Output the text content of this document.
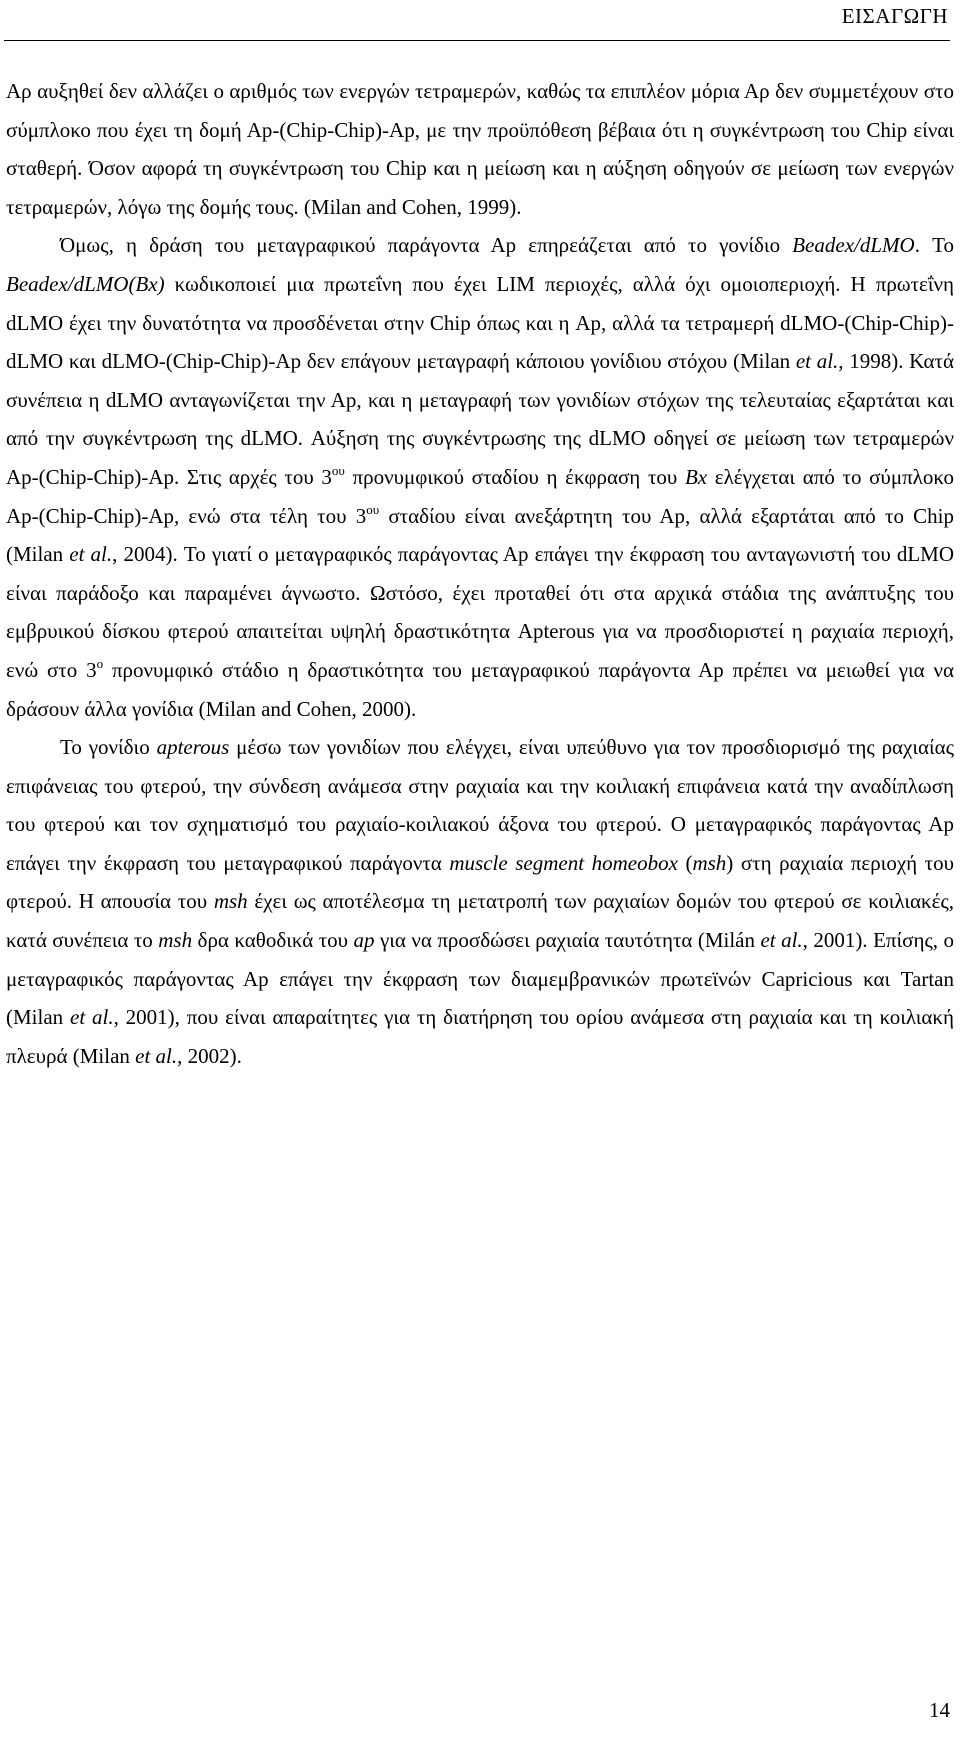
ΕΙΣΑΓΩΓΗ

Αρ αυξηθεί δεν αλλάζει ο αριθμός των ενεργών τετραμερών, καθώς τα επιπλέον μόρια Αρ δεν συμμετέχουν στο σύμπλοκο που έχει τη δομή Αp-(Chip-Chip)-Αp, με την προϋπόθεση βέβαια ότι η συγκέντρωση του Chip είναι σταθερή. Όσον αφορά τη συγκέντρωση του Chip και η μείωση και η αύξηση οδηγούν σε μείωση των ενεργών τετραμερών, λόγω της δομής τους. (Milan and Cohen, 1999).

Όμως, η δράση του μεταγραφικού παράγοντα Αp επηρεάζεται από το γονίδιο Beadex/dLMO. Το Beadex/dLMO(Bx) κωδικοποιεί μια πρωτεΐνη που έχει LIM περιοχές, αλλά όχι ομοιοπεριοχή. Η πρωτεΐνη dLMO έχει την δυνατότητα να προσδένεται στην Chip όπως και η Ap, αλλά τα τετραμερή dLMO-(Chip-Chip)-dLMO και dLMO-(Chip-Chip)-Αp δεν επάγουν μεταγραφή κάποιου γονίδιου στόχου (Milan et al., 1998). Κατά συνέπεια η dLMO ανταγωνίζεται την Αp, και η μεταγραφή των γονιδίων στόχων της τελευταίας εξαρτάται και από την συγκέντρωση της dLMO. Αύξηση της συγκέντρωσης της dLMO οδηγεί σε μείωση των τετραμερών Αp-(Chip-Chip)-Ap. Στις αρχές του $3^{o\upsilon}$ προνυμφικού σταδίου η έκφραση του Bx ελέγχεται από το σύμπλοκο Αp-(Chip-Chip)-Ap, ενώ στα τέλη του $3^{o\upsilon}$ σταδίου είναι ανεξάρτητη του Αp, αλλά εξαρτάται από το Chip (Milan et al., 2004). Το γιατί ο μεταγραφικός παράγοντας Αp επάγει την έκφραση του ανταγωνιστή του dLMO είναι παράδοξο και παραμένει άγνωστο. Ωστόσο, έχει προταθεί ότι στα αρχικά στάδια της ανάπτυξης του εμβρυικού δίσκου φτερού απαιτείται υψηλή δραστικότητα Apterous για να προσδιοριστεί η ραχιαία περιοχή, ενώ στο $3^o$ προνυμφικό στάδιο η δραστικότητα του μεταγραφικού παράγοντα Αp πρέπει να μειωθεί για να δράσουν άλλα γονίδια (Milan and Cohen, 2000).

Το γονίδιο apterous μέσω των γονιδίων που ελέγχει, είναι υπεύθυνο για τον προσδιορισμό της ραχιαίας επιφάνειας του φτερού, την σύνδεση ανάμεσα στην ραχιαία και την κοιλιακή επιφάνεια κατά την αναδίπλωση του φτερού και τον σχηματισμό του ραχιαίο-κοιλιακού άξονα του φτερού. Ο μεταγραφικός παράγοντας Αp επάγει την έκφραση του μεταγραφικού παράγοντα muscle segment homeobox (msh) στη ραχιαία περιοχή του φτερού. Η απουσία του msh έχει ως αποτέλεσμα τη μετατροπή των ραχιαίων δομών του φτερού σε κοιλιακές, κατά συνέπεια το msh δρα καθοδικά του ap για να προσδώσει ραχιαία ταυτότητα (Milán et al., 2001). Επίσης, ο μεταγραφικός παράγοντας Αp επάγει την έκφραση των διαμεμβρανικών πρωτεϊνών Capricious και Tartan (Milan et al., 2001), που είναι απαραίτητες για τη διατήρηση του ορίου ανάμεσα στη ραχιαία και τη κοιλιακή πλευρά (Milan et al., 2002).

14
